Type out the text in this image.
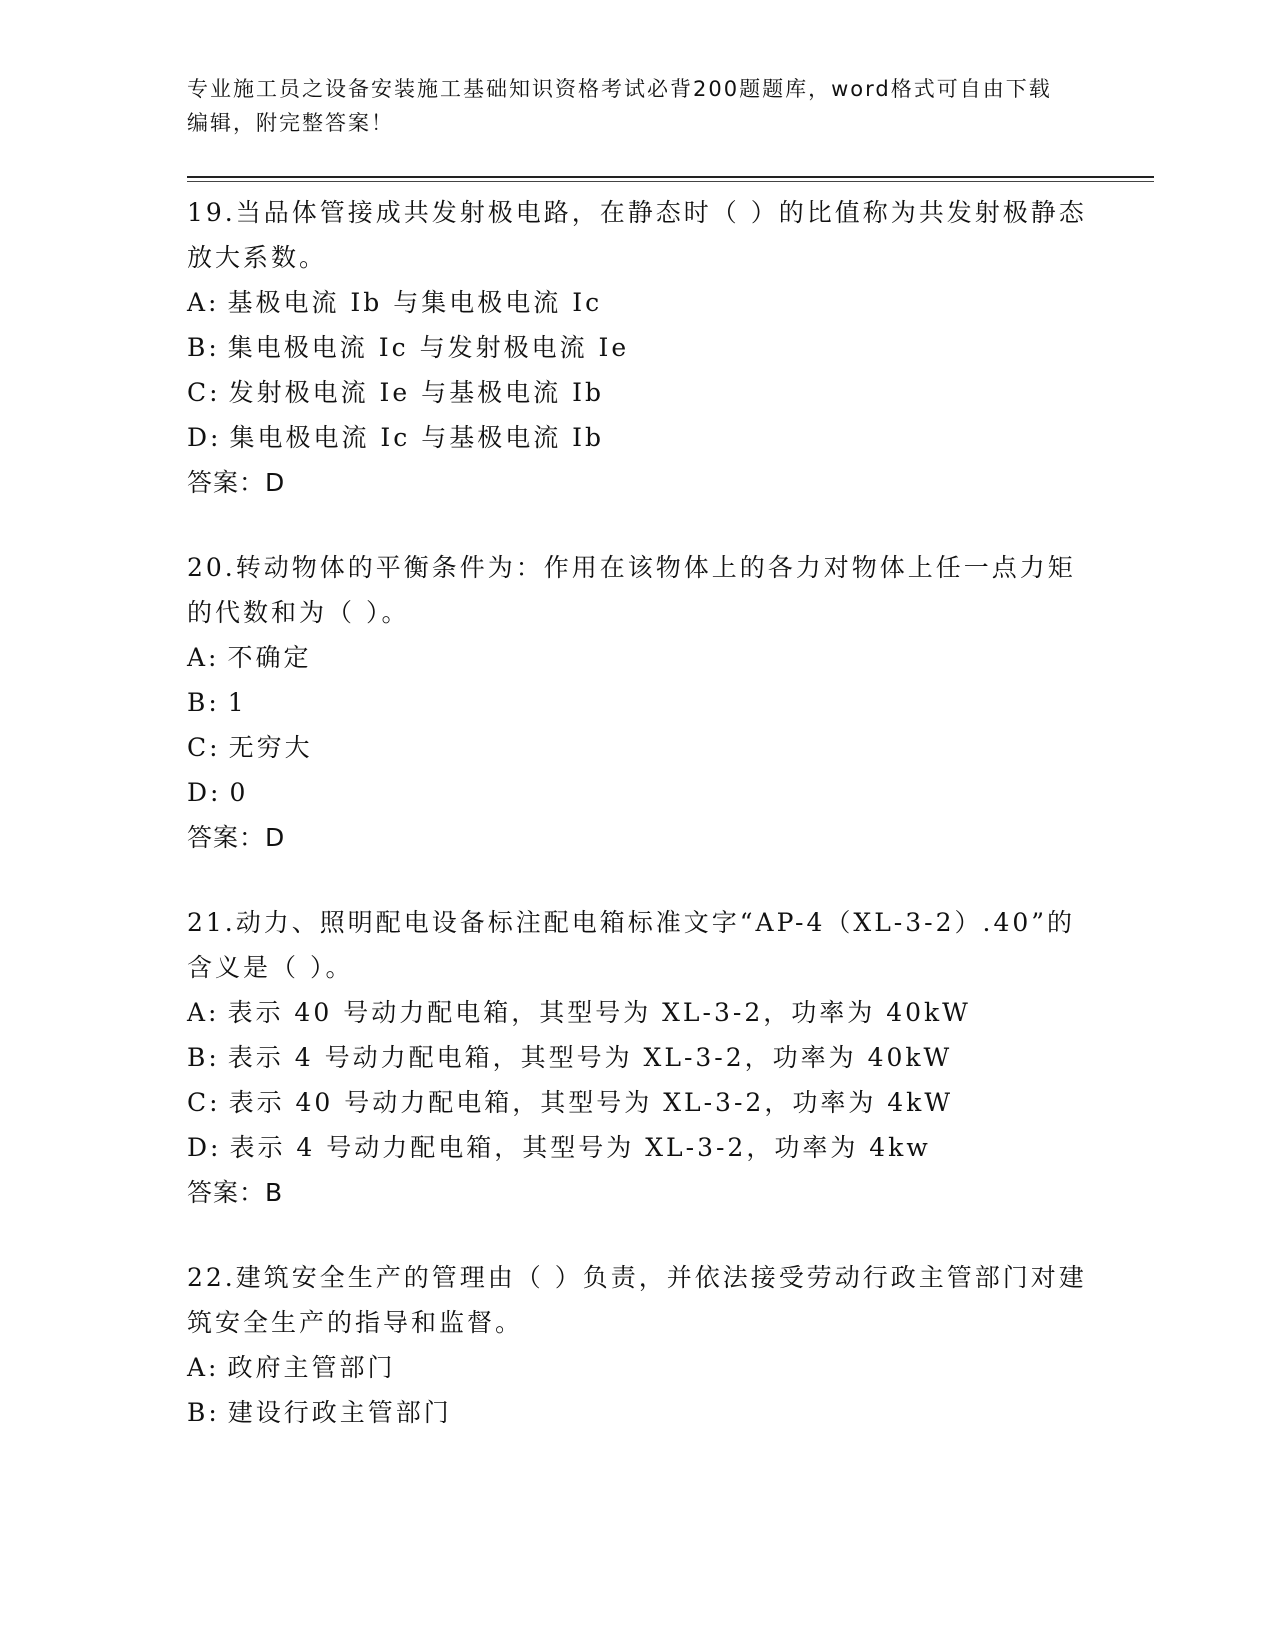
专业施工员之设备安装施工基础知识资格考试必背200题题库，word格式可自由下载编辑，附完整答案！

19.当品体管接成共发射极电路，在静态时（ ）的比值称为共发射极静态放大系数。

A: 基极电流 Ib 与集电极电流 Ic

B: 集电极电流 Ic 与发射极电流 Ie

C: 发射极电流 Ie 与基极电流 Ib

D: 集电极电流 Ic 与基极电流 Ib

答案：D

20.转动物体的平衡条件为：作用在该物体上的各力对物体上任一点力矩的代数和为（ ）。

A: 不确定

B: 1

C: 无穷大

D: 0

答案：D

21.动力、照明配电设备标注配电箱标准文字“AP-4（XL-3-2）.40”的含义是（ ）。

A: 表示 40 号动力配电箱，其型号为 XL-3-2，功率为 40kW

B: 表示 4 号动力配电箱，其型号为 XL-3-2，功率为 40kW

C: 表示 40 号动力配电箱，其型号为 XL-3-2，功率为 4kW

D: 表示 4 号动力配电箱，其型号为 XL-3-2，功率为 4kw

答案：B

22.建筑安全生产的管理由（ ）负责，并依法接受劳动行政主管部门对建筑安全生产的指导和监督。

A: 政府主管部门

B: 建设行政主管部门
